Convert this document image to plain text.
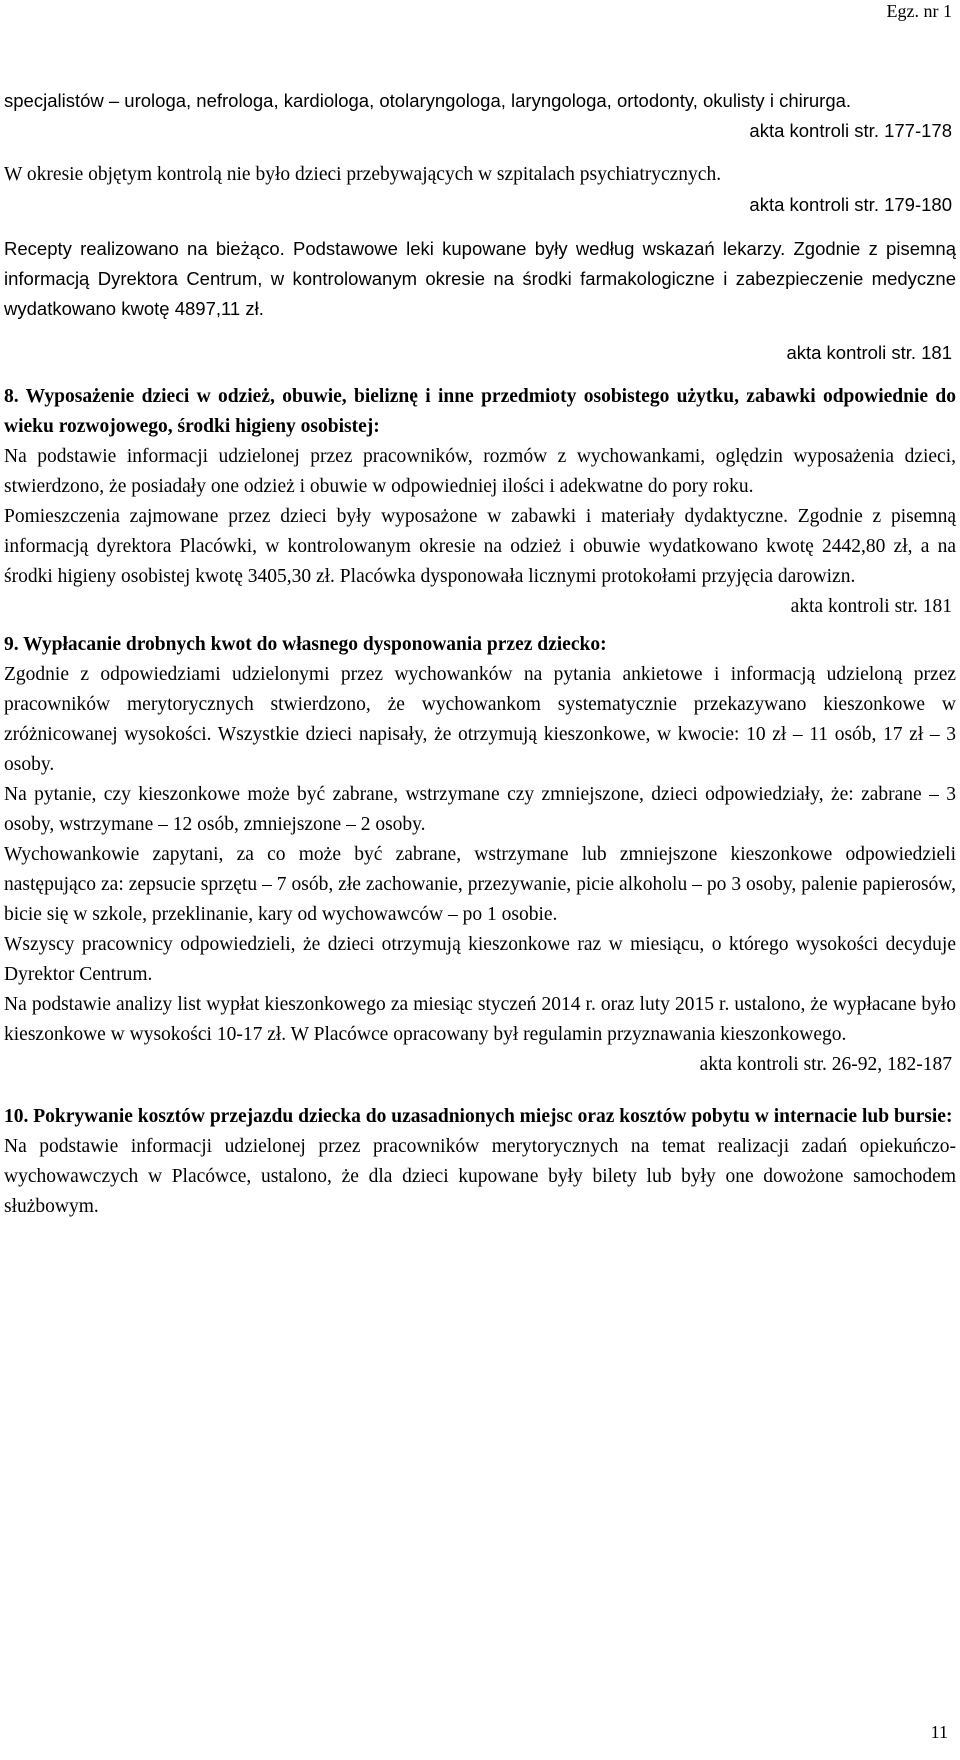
Egz. nr 1

specjalistów – urologa, nefrologa, kardiologa, otolaryngologa, laryngologa, ortodonty, okulisty i chirurga.

akta kontroli str. 177-178

W okresie objętym kontrolą nie było dzieci przebywających w szpitalach psychiatrycznych.

akta kontroli str. 179-180

Recepty realizowano na bieżąco. Podstawowe leki kupowane były według wskazań lekarzy. Zgodnie z pisemną informacją Dyrektora Centrum, w kontrolowanym okresie na środki farmakologiczne i zabezpieczenie medyczne wydatkowano kwotę 4897,11 zł.

akta kontroli str. 181

8. Wyposażenie dzieci w odzież, obuwie, bieliznę i inne przedmioty osobistego użytku, zabawki odpowiednie do wieku rozwojowego, środki higieny osobistej:

Na podstawie informacji udzielonej przez pracowników, rozmów z wychowankami, oględzin wyposażenia dzieci, stwierdzono, że posiadały one odzież i obuwie w odpowiedniej ilości i adekwatne do pory roku.

Pomieszczenia zajmowane przez dzieci były wyposażone w zabawki i materiały dydaktyczne. Zgodnie z pisemną informacją dyrektora Placówki, w kontrolowanym okresie na odzież i obuwie wydatkowano kwotę 2442,80 zł, a na środki higieny osobistej kwotę 3405,30 zł. Placówka dysponowała licznymi protokołami przyjęcia darowizn.

akta kontroli str. 181

9. Wypłacanie drobnych kwot do własnego dysponowania przez dziecko:

Zgodnie z odpowiedziami udzielonymi przez wychowanków na pytania ankietowe i informacją udzieloną przez pracowników merytorycznych stwierdzono, że wychowankom systematycznie przekazywano kieszonkowe w zróżnicowanej wysokości. Wszystkie dzieci napisały, że otrzymują kieszonkowe, w kwocie: 10 zł – 11 osób, 17 zł – 3 osoby.

Na pytanie, czy kieszonkowe może być zabrane, wstrzymane czy zmniejszone, dzieci odpowiedziały, że: zabrane – 3 osoby, wstrzymane – 12 osób, zmniejszone – 2 osoby.

Wychowankowie zapytani, za co może być zabrane, wstrzymane lub zmniejszone kieszonkowe odpowiedzieli następująco za: zepsucie sprzętu – 7 osób, złe zachowanie, przezywanie, picie alkoholu – po 3 osoby, palenie papierosów, bicie się w szkole, przeklinanie, kary od wychowawców – po 1 osobie.

Wszyscy pracownicy odpowiedzieli, że dzieci otrzymują kieszonkowe raz w miesiącu, o którego wysokości decyduje Dyrektor Centrum.

Na podstawie analizy list wypłat kieszonkowego za miesiąc styczeń 2014 r. oraz luty 2015 r. ustalono, że wypłacane było kieszonkowe w wysokości 10-17 zł. W Placówce opracowany był regulamin przyznawania kieszonkowego.

akta kontroli str. 26-92, 182-187

10. Pokrywanie kosztów przejazdu dziecka do uzasadnionych miejsc oraz kosztów pobytu w internacie lub bursie:

Na podstawie informacji udzielonej przez pracowników merytorycznych na temat realizacji zadań opiekuńczo-wychowawczych w Placówce, ustalono, że dla dzieci kupowane były bilety lub były one dowożone samochodem służbowym.

11
